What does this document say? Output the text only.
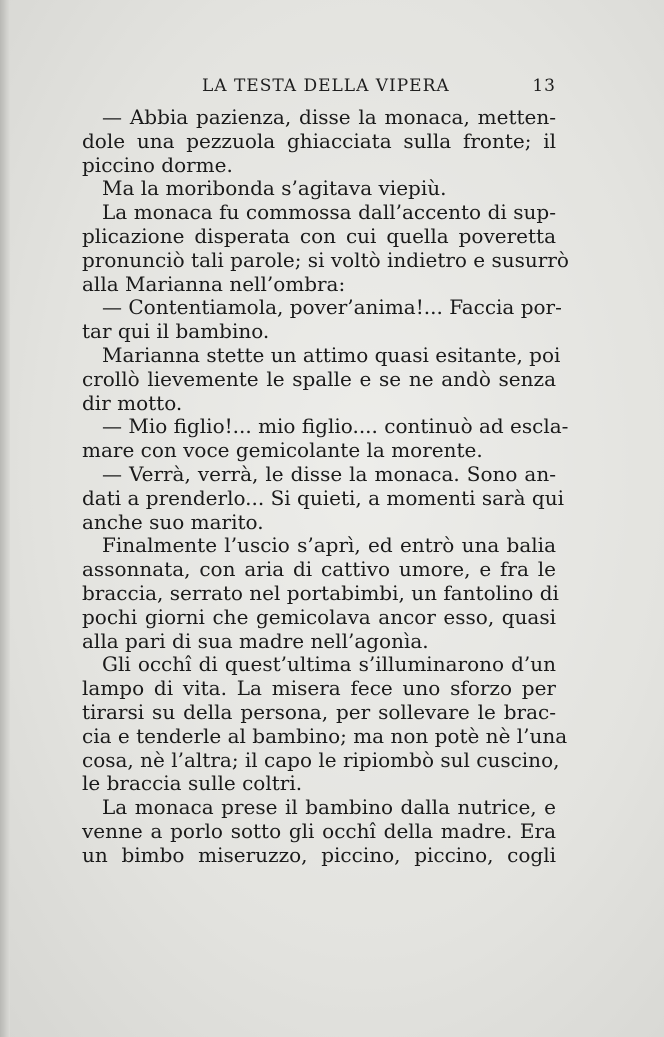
LA TESTA DELLA VIPERA	13
— Abbia pazienza, disse la monaca, metten-
dole una pezzuola ghiacciata sulla fronte; il
piccino dorme.
Ma la moribonda s’agitava viepiù.
La monaca fu commossa dall’accento di sup-
plicazione disperata con cui quella poveretta
pronunciò tali parole; si voltò indietro e susurrò
alla Marianna nell’ombra:
— Contentiamola, pover’anima!... Faccia por-
tar qui il bambino.
Marianna stette un attimo quasi esitante, poi
crollò lievemente le spalle e se ne andò senza
dir motto.
— Mio figlio!... mio figlio.... continuò ad escla-
mare con voce gemicolante la morente.
— Verrà, verrà, le disse la monaca. Sono an-
dati a prenderlo... Si quieti, a momenti sarà qui
anche suo marito.
Finalmente l’uscio s’aprì, ed entrò una balia
assonnata, con aria di cattivo umore, e fra le
braccia, serrato nel portabimbi, un fantolino di
pochi giorni che gemicolava ancor esso, quasi
alla pari di sua madre nell’agonìa.
Gli occhî di quest’ultima s’illuminarono d’un
lampo di vita. La misera fece uno sforzo per
tirarsi su della persona, per sollevare le brac-
cia e tenderle al bambino; ma non potè nè l’una
cosa, nè l’altra; il capo le ripiombò sul cuscino,
le braccia sulle coltri.
La monaca prese il bambino dalla nutrice, e
venne a porlo sotto gli occhî della madre. Era
un bimbo miseruzzo, piccino, piccino, cogli
